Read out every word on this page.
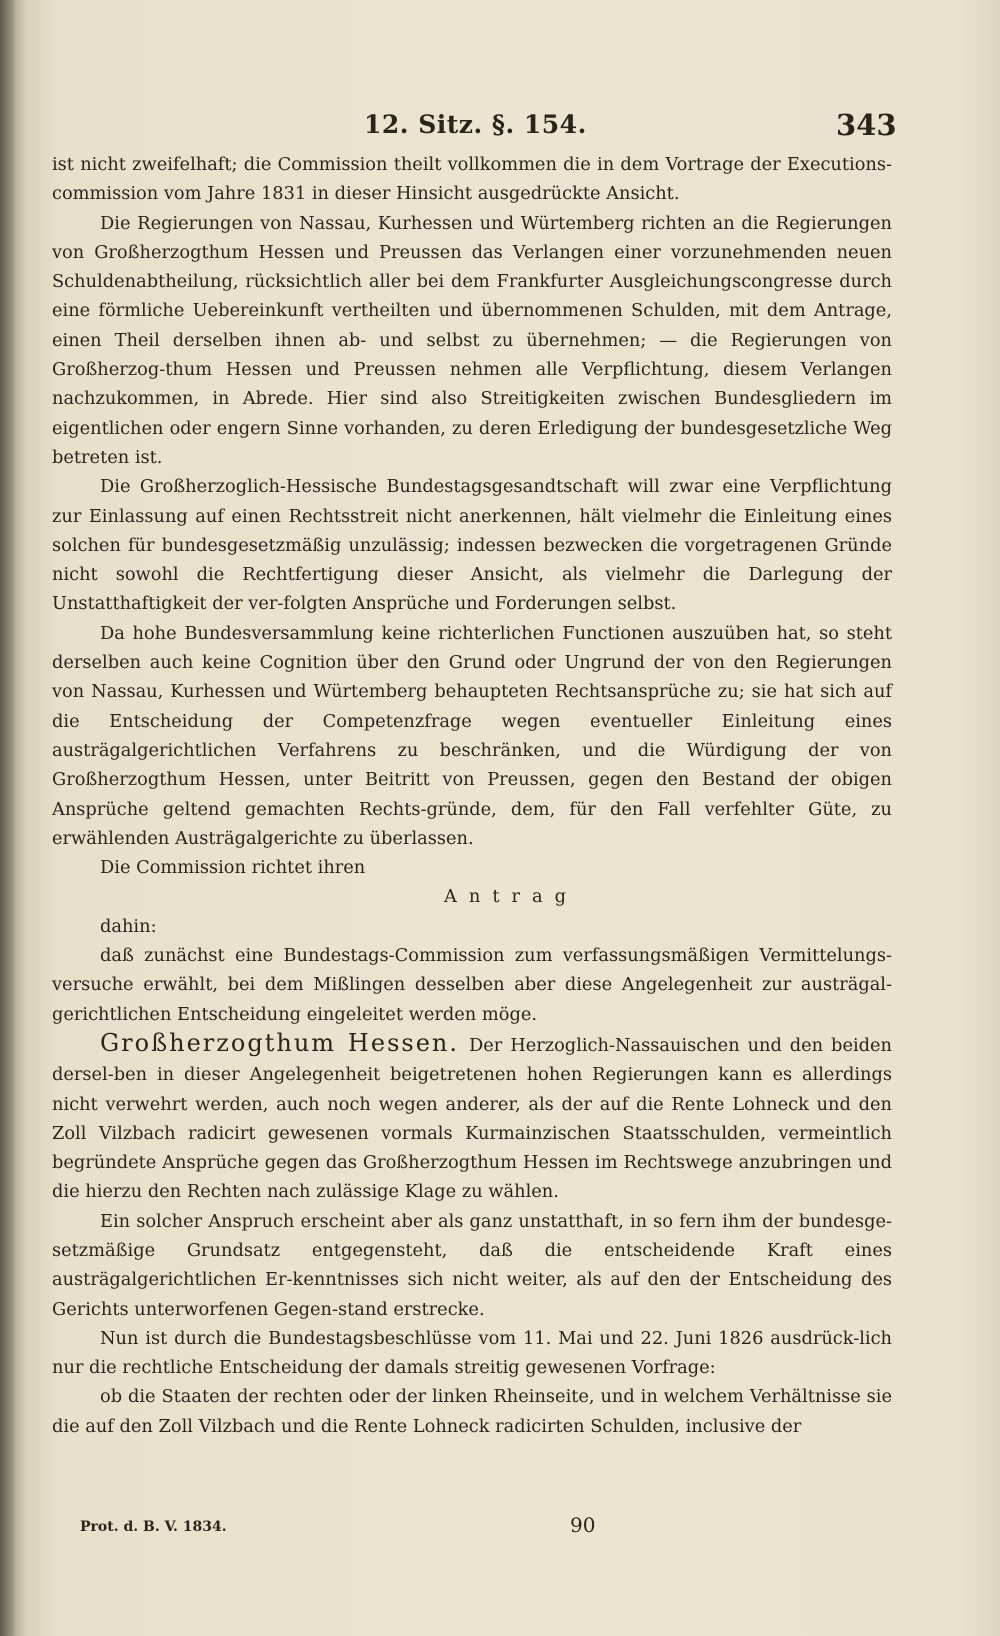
12. Sitz. §. 154.	343

ist nicht zweifelhaft; die Commission theilt vollkommen die in dem Vortrage der Executions-commission vom Jahre 1831 in dieser Hinsicht ausgedrückte Ansicht.

Die Regierungen von Nassau, Kurhessen und Würtemberg richten an die Regierungen von Großherzogthum Hessen und Preussen das Verlangen einer vorzunehmenden neuen Schuldenabtheilung, rücksichtlich aller bei dem Frankfurter Ausgleichungscongresse durch eine förmliche Uebereinkunft vertheilten und übernommenen Schulden, mit dem Antrage, einen Theil derselben ihnen ab- und selbst zu übernehmen; — die Regierungen von Großherzog-thum Hessen und Preussen nehmen alle Verpflichtung, diesem Verlangen nachzukommen, in Abrede. Hier sind also Streitigkeiten zwischen Bundesgliedern im eigentlichen oder engern Sinne vorhanden, zu deren Erledigung der bundesgesetzliche Weg betreten ist.

Die Großherzoglich-Hessische Bundestagsgesandtschaft will zwar eine Verpflichtung zur Einlassung auf einen Rechtsstreit nicht anerkennen, hält vielmehr die Einleitung eines solchen für bundesgesetzmäßig unzulässig; indessen bezwecken die vorgetragenen Gründe nicht sowohl die Rechtfertigung dieser Ansicht, als vielmehr die Darlegung der Unstatthaftigkeit der ver-folgten Ansprüche und Forderungen selbst.

Da hohe Bundesversammlung keine richterlichen Functionen auszuüben hat, so steht derselben auch keine Cognition über den Grund oder Ungrund der von den Regierungen von Nassau, Kurhessen und Würtemberg behaupteten Rechtsansprüche zu; sie hat sich auf die Entscheidung der Competenzfrage wegen eventueller Einleitung eines austrägalgerichtlichen Verfahrens zu beschränken, und die Würdigung der von Großherzogthum Hessen, unter Beitritt von Preussen, gegen den Bestand der obigen Ansprüche geltend gemachten Rechts-gründe, dem, für den Fall verfehlter Güte, zu erwählenden Austrägalgerichte zu überlassen.

Die Commission richtet ihren

Antrag

dahin:

daß zunächst eine Bundestags-Commission zum verfassungsmäßigen Vermittelungs-versuche erwählt, bei dem Mißlingen desselben aber diese Angelegenheit zur austrägal-gerichtlichen Entscheidung eingeleitet werden möge.

Großherzogthum Hessen. Der Herzoglich-Nassauischen und den beiden dersel-ben in dieser Angelegenheit beigetretenen hohen Regierungen kann es allerdings nicht verwehrt werden, auch noch wegen anderer, als der auf die Rente Lohneck und den Zoll Vilzbach radicirt gewesenen vormals Kurmainzischen Staatsschulden, vermeintlich begründete Ansprüche gegen das Großherzogthum Hessen im Rechtswege anzubringen und die hierzu den Rechten nach zulässige Klage zu wählen.

Ein solcher Anspruch erscheint aber als ganz unstatthaft, in so fern ihm der bundesge-setzmäßige Grundsatz entgegensteht, daß die entscheidende Kraft eines austrägalgerichtlichen Er-kenntnisses sich nicht weiter, als auf den der Entscheidung des Gerichts unterworfenen Gegen-stand erstrecke.

Nun ist durch die Bundestagsbeschlüsse vom 11. Mai und 22. Juni 1826 ausdrück-lich nur die rechtliche Entscheidung der damals streitig gewesenen Vorfrage:

ob die Staaten der rechten oder der linken Rheinseite, und in welchem Verhältnisse sie die auf den Zoll Vilzbach und die Rente Lohneck radicirten Schulden, inclusive der

Prot. d. B. V. 1834.	90
